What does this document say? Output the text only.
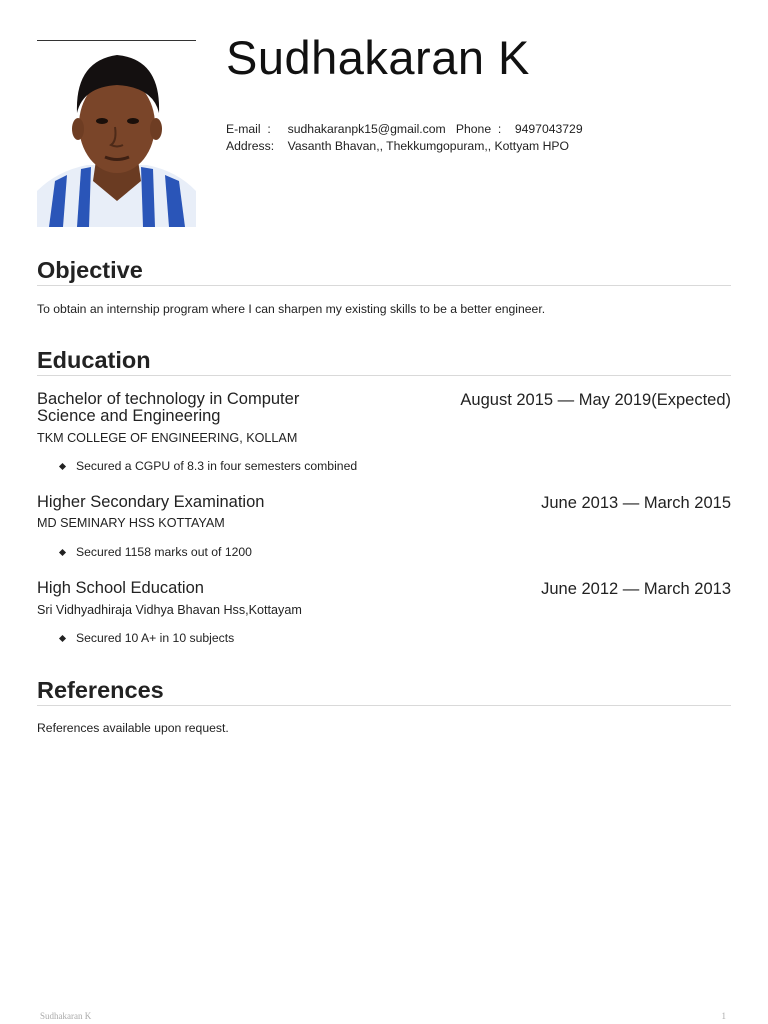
Sudhakaran K
E-mail : sudhakaranpk15@gmail.com Phone : 9497043729
Address: Vasanth Bhavan,, Thekkumgopuram,, Kottyam HPO
Objective
To obtain an internship program where I can sharpen my existing skills to be a better engineer.
Education
Bachelor of technology in Computer
Science and Engineering
August 2015 — May 2019(Expected)
TKM COLLEGE OF ENGINEERING, KOLLAM
Secured a CGPU of 8.3 in four semesters combined
Higher Secondary Examination	June 2013 — March 2015
MD SEMINARY HSS KOTTAYAM
Secured 1158 marks out of 1200
High School Education	June 2012 — March 2013
Sri Vidhyadhiraja Vidhya Bhavan Hss,Kottayam
Secured 10 A+ in 10 subjects
References
References available upon request.
Sudhakaran K	1
